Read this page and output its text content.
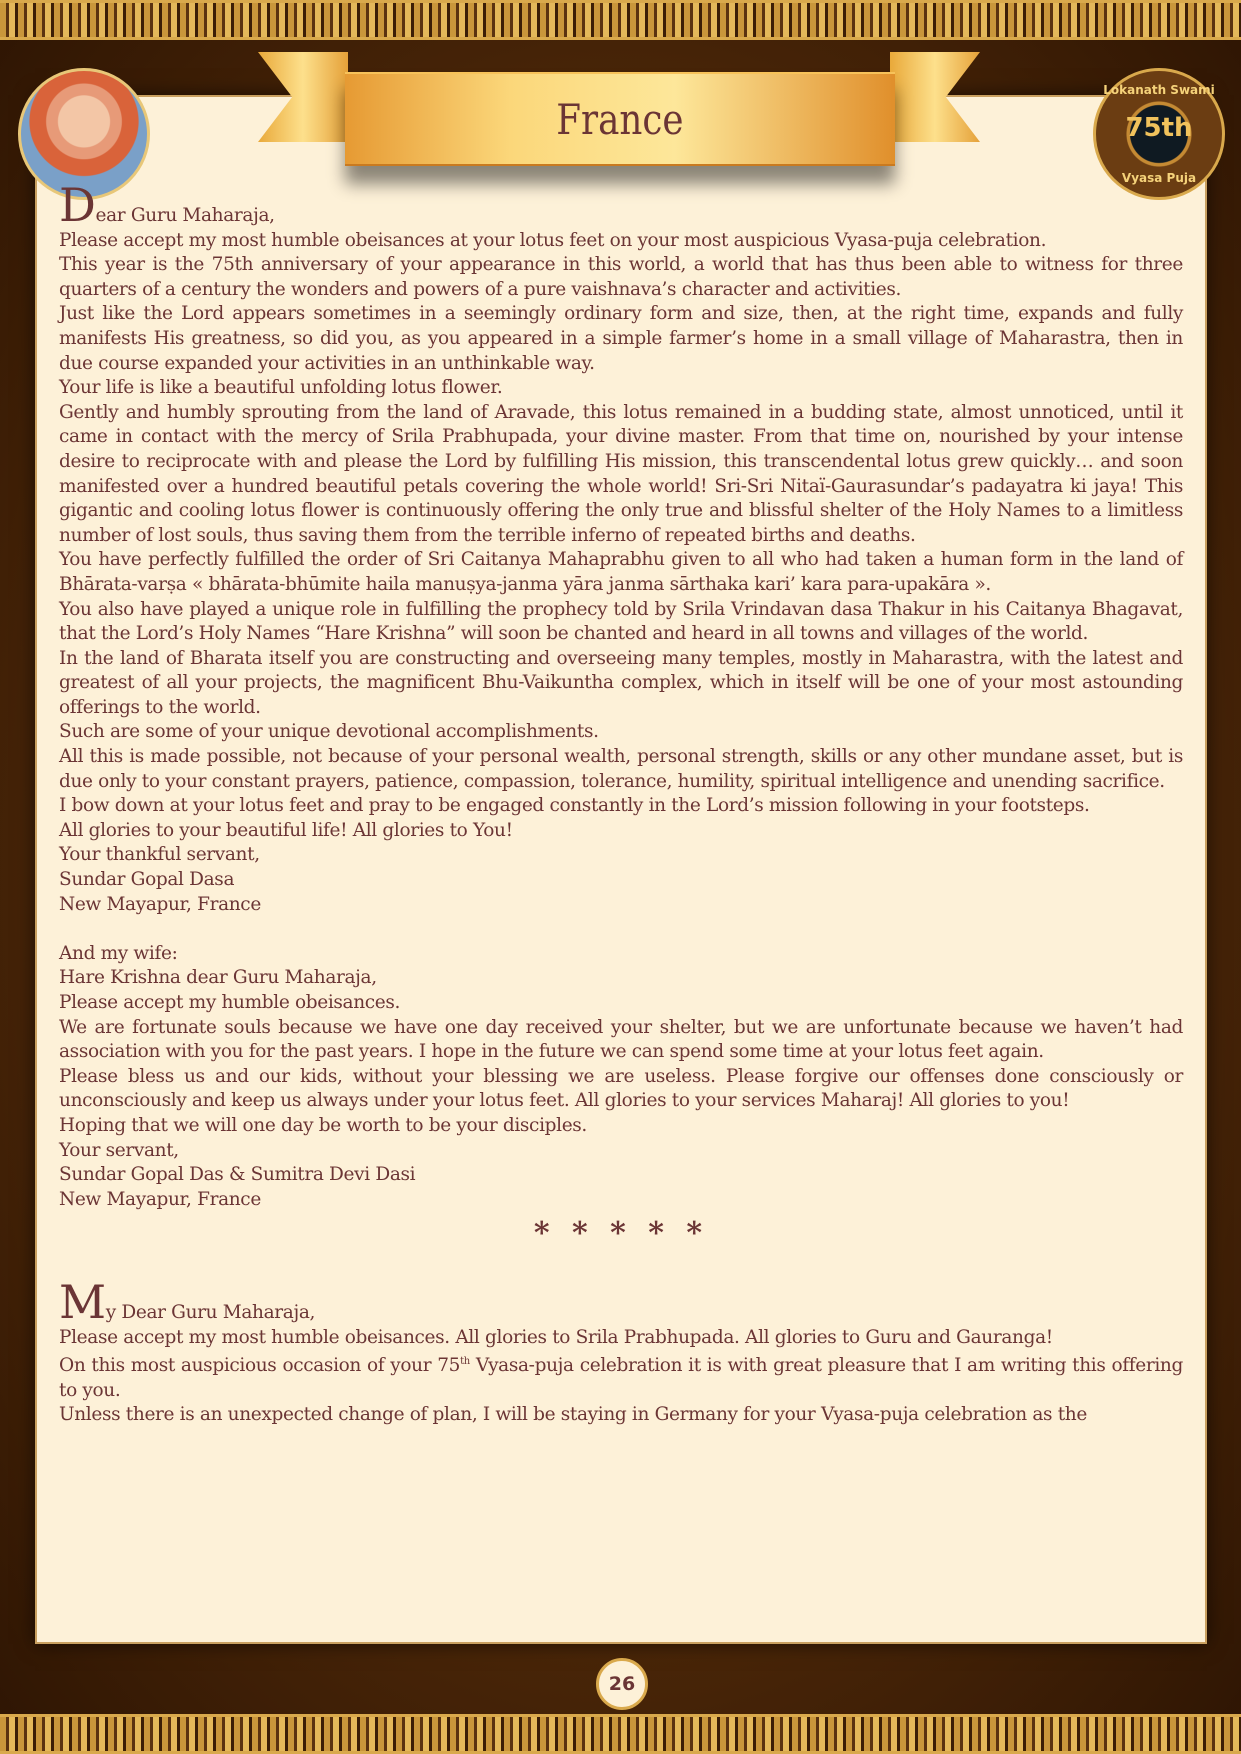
France
Lokanath Swami
75th
Vyasa Puja

Dear Guru Maharaja,

Please accept my most humble obeisances at your lotus feet on your most auspicious Vyasa-puja celebration.

This year is the 75th anniversary of your appearance in this world, a world that has thus been able to witness for three quarters of a century the wonders and powers of a pure vaishnava’s character and activities.

Just like the Lord appears sometimes in a seemingly ordinary form and size, then, at the right time, expands and fully manifests His greatness, so did you, as you appeared in a simple farmer’s home in a small village of Maharastra, then in due course expanded your activities in an unthinkable way.

Your life is like a beautiful unfolding lotus flower.

Gently and humbly sprouting from the land of Aravade, this lotus remained in a budding state, almost unnoticed, until it came in contact with the mercy of Srila Prabhupada, your divine master. From that time on, nourished by your intense desire to reciprocate with and please the Lord by fulfilling His mission, this transcendental lotus grew quickly… and soon manifested over a hundred beautiful petals covering the whole world! Sri-Sri Nitaï-Gaurasundar’s padayatra ki jaya! This gigantic and cooling lotus flower is continuously offering the only true and blissful shelter of the Holy Names to a limitless number of lost souls, thus saving them from the terrible inferno of repeated births and deaths.

You have perfectly fulfilled the order of Sri Caitanya Mahaprabhu given to all who had taken a human form in the land of Bhārata-varṣa « bhārata-bhūmite haila manuṣya-janma yāra janma sārthaka kari’ kara para-upakāra ».

You also have played a unique role in fulfilling the prophecy told by Srila Vrindavan dasa Thakur in his Caitanya Bhagavat, that the Lord’s Holy Names “Hare Krishna” will soon be chanted and heard in all towns and villages of the world.

In the land of Bharata itself you are constructing and overseeing many temples, mostly in Maharastra, with the latest and greatest of all your projects, the magnificent Bhu-Vaikuntha complex, which in itself will be one of your most astounding offerings to the world.

Such are some of your unique devotional accomplishments.

All this is made possible, not because of your personal wealth, personal strength, skills or any other mundane asset, but is due only to your constant prayers, patience, compassion, tolerance, humility, spiritual intelligence and unending sacrifice.

I bow down at your lotus feet and pray to be engaged constantly in the Lord’s mission following in your footsteps.

All glories to your beautiful life! All glories to You!

Your thankful servant,

Sundar Gopal Dasa

New Mayapur, France

And my wife:

Hare Krishna dear Guru Maharaja,

Please accept my humble obeisances.

We are fortunate souls because we have one day received your shelter, but we are unfortunate because we haven’t had association with you for the past years. I hope in the future we can spend some time at your lotus feet again.

Please bless us and our kids, without your blessing we are useless. Please forgive our offenses done consciously or unconsciously and keep us always under your lotus feet. All glories to your services Maharaj! All glories to you!

Hoping that we will one day be worth to be your disciples.

Your servant,

Sundar Gopal Das & Sumitra Devi Dasi

New Mayapur, France

* * * * *

My Dear Guru Maharaja,

Please accept my most humble obeisances. All glories to Srila Prabhupada. All glories to Guru and Gauranga!

On this most auspicious occasion of your 75th Vyasa-puja celebration it is with great pleasure that I am writing this offering to you.

Unless there is an unexpected change of plan, I will be staying in Germany for your Vyasa-puja celebration as the

26
